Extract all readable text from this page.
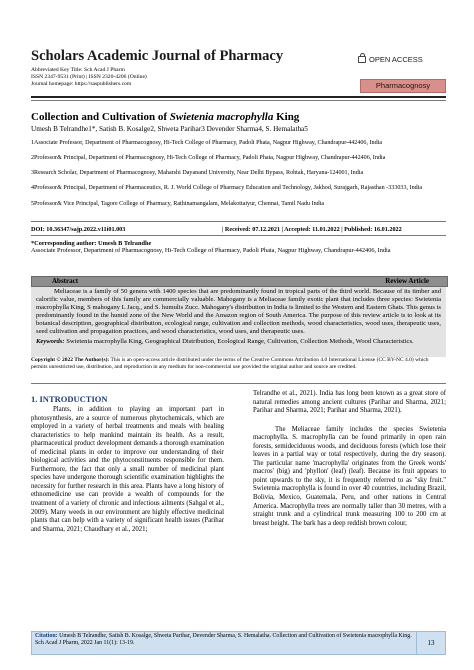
Scholars Academic Journal of Pharmacy
Abbreviated Key Title: Sch Acad J Pharm
ISSN 2347-9531 (Print) | ISSN 2320-4206 (Online)
Journal homepage: https://saspublishers.com
OPEN ACCESS
Pharmacognosy
Collection and Cultivation of Swietenia macrophylla King
Umesh B Telrandhe1*, Satish B. Kosalge2, Shweta Parihar3 Devender Sharma4, S. Hemalatha5
1Associate Professor, Department of Pharmacognosy, Hi-Tech College of Pharmacy, Padoli Phata, Nagpur Highway, Chandrapur-442406, India
2Professor& Principal, Department of Pharmacognosy, Hi-Tech College of Pharmacy, Padoli Phata, Nagpur Highway, Chandrapur-442406, India
3Research Scholar, Department of Pharmacognosy, Maharshi Dayanand University, Near Delhi Bypass, Rohtak, Haryana-124001, India
4Professor& Principal, Department of Pharmaceutics, R. J. World College of Pharmacy Education and Technology, Jakhod, Surajgarh, Rajasthan -333033, India
5Professor& Vice Principal, Tagore College of Pharmacy, Rathinamangalam, Melakottaiyur, Chennai, Tamil Nadu India
DOI: 10.36347/sajp.2022.v11i01.003	| Received: 07.12.2021 | Accepted: 11.01.2022 | Published: 16.01.2022
*Corresponding author: Umesh B Telrandhe
Associate Professor, Department of Pharmacognosy, Hi-Tech College of Pharmacy, Padoli Phata, Nagpur Highway, Chandrapur-442406, India
Abstract	Review Article

Meliaceae is a family of 50 genera with 1400 species that are predominantly found in tropical parts of the third world. Because of its timber and calorific value, members of this family are commercially valuable. Mahogany is a Meliaceae family exotic plant that includes three species: Swietenia macrophylla King, S mahogany L Jacq., and S. humulis Zucc. Mahogany's distribution in India is limited to the Western and Eastern Ghats. This genus is predominantly found in the humid zone of the New World and the Amazon region of South America. The purpose of this review article is to look at its botanical description, geographical distribution, ecological range, cultivation and collection methods, wood characteristics, wood uses, therapeutic uses, seed cultivation and propagation practices, and wood characteristics, wood uses, and therapeutic uses.

Keywords: Swietenia macrophylla King, Geographical Distribution, Ecological Range, Cultivation, Collection Methods, Wood Characteristics.
Copyright © 2022 The Author(s): This is an open-access article distributed under the terms of the Creative Commons Attribution 4.0 International License (CC BY-NC 4.0) which permits unrestricted use, distribution, and reproduction in any medium for non-commercial use provided the original author and source are credited.
1. INTRODUCTION

Plants, in addition to playing an important part in photosynthesis, are a source of numerous phytochemicals, which are employed in a variety of herbal treatments and meals with healing characteristics to help mankind maintain its health. As a result, pharmaceutical product development demands a thorough examination of medicinal plants in order to improve our understanding of their biological activities and the phytoconstituents responsible for them. Furthermore, the fact that only a small number of medicinal plant species have undergone thorough scientific examination highlights the necessity for further research in this area. Plants have a long history of ethnomedicine use can provide a wealth of compounds for the treatment of a variety of chronic and infectious ailments (Sahgal et al., 2009). Many weeds in our environment are highly effective medicinal plants that can help with a variety of significant health issues (Parihar and Sharma, 2021; Chaudhary et al., 2021;

Telrandhe et al., 2021). India has long been known as a great store of natural remedies among ancient cultures (Parihar and Sharma, 2021; Parihar and Sharma, 2021; Parihar and Sharma, 2021).

The Meliaceae family includes the species Swietenia macrophylla. S. macrophylla can be found primarily in open rain forests, semideciduous woods, and deciduous forests (which lose their leaves in a partial way or total respectively, during the dry season). The particular name 'macrophylla' originates from the Greek words' macros' (big) and 'phyllon' (leaf) (leaf). Because its fruit appears to point upwards to the sky, it is frequently referred to as "sky fruit." Swietenia macrophylla is found in over 40 countries, including Brazil, Bolivia, Mexico, Guatemala, Peru, and other nations in Central America. Macrophylla trees are normally taller than 30 metres, with a straight trunk and a cylindrical trunk measuring 100 to 200 cm at breast height. The bark has a deep reddish brown colour,

Citation: Umesh B Telrandhe, Satish B. Kosalge, Shweta Parihar, Devender Sharma, S. Hemalatha. Collection and Cultivation of Swietenia macrophylla King. Sch Acad J Pharm, 2022 Jan 11(1): 13-19.	13
